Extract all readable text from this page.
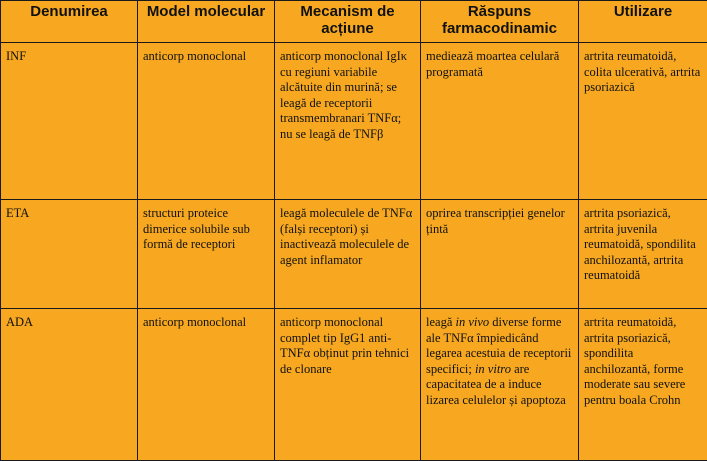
Denumirea	Model molecular	Mecanism de acțiune	Răspuns farmacodinamic	Utilizare
INF	anticorp monoclonal	anticorp monoclonal IgIκ cu regiuni variabile alcătuite din murină; se leagă de receptorii transmembranari TNFα; nu se leagă de TNFβ	mediează moartea celulară programată	artrita reumatoidă, colita ulcerativă, artrita psoriazică
ETA	structuri proteice dimerice solubile sub formă de receptori	leagă moleculele de TNFα (falși receptori) și inactivează moleculele de agent inflamator	oprirea transcripției genelor țintă	artrita psoriazică, artrita juvenila reumatoidă, spondilita anchilozantă, artrita reumatoidă
ADA	anticorp monoclonal	anticorp monoclonal complet tip IgG1 anti-TNFα obținut prin tehnici de clonare	leagă in vivo diverse forme ale TNFα împiedicând legarea acestuia de receptorii specifici; in vitro are capacitatea de a induce lizarea celulelor și apoptoza	artrita reumatoidă, artrita psoriazică, spondilita anchilozantă, forme moderate sau severe pentru boala Crohn
